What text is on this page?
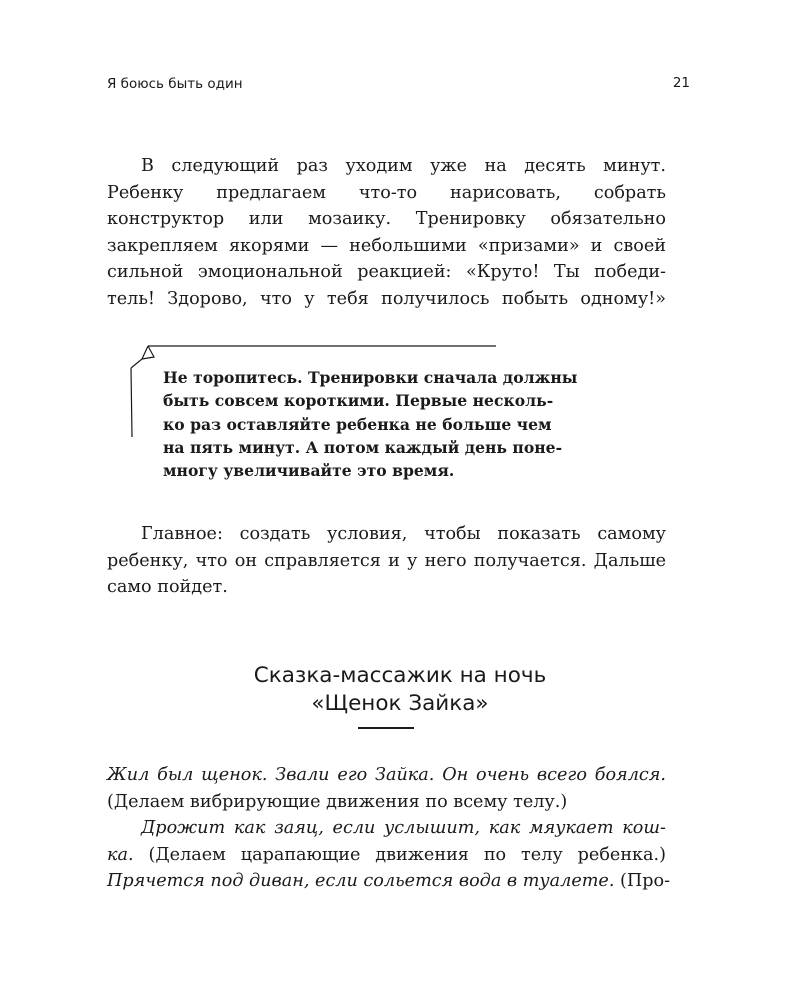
Я боюсь быть один	21
В следующий раз уходим уже на десять минут.
Ребенку предлагаем что-то нарисовать, собрать
конструктор или мозаику. Тренировку обязательно
закрепляем якорями — небольшими «призами» и своей
сильной эмоциональной реакцией: «Круто! Ты победи-
тель! Здорово, что у тебя получилось побыть одному!»
Не торопитесь. Тренировки сначала должны
быть совсем короткими. Первые несколь-
ко раз оставляйте ребенка не больше чем
на пять минут. А потом каждый день поне-
многу увеличивайте это время.
Главное: создать условия, чтобы показать самому
ребенку, что он справляется и у него получается. Дальше
само пойдет.
Сказка-массажик на ночь
«Щенок Зайка»
Жил был щенок. Звали его Зайка. Он очень всего боялся.
(Делаем вибрирующие движения по всему телу.)
Дрожит как заяц, если услышит, как мяукает кош-
ка. (Делаем царапающие движения по телу ребенка.)
Прячется под диван, если сольется вода в туалете. (Про-
